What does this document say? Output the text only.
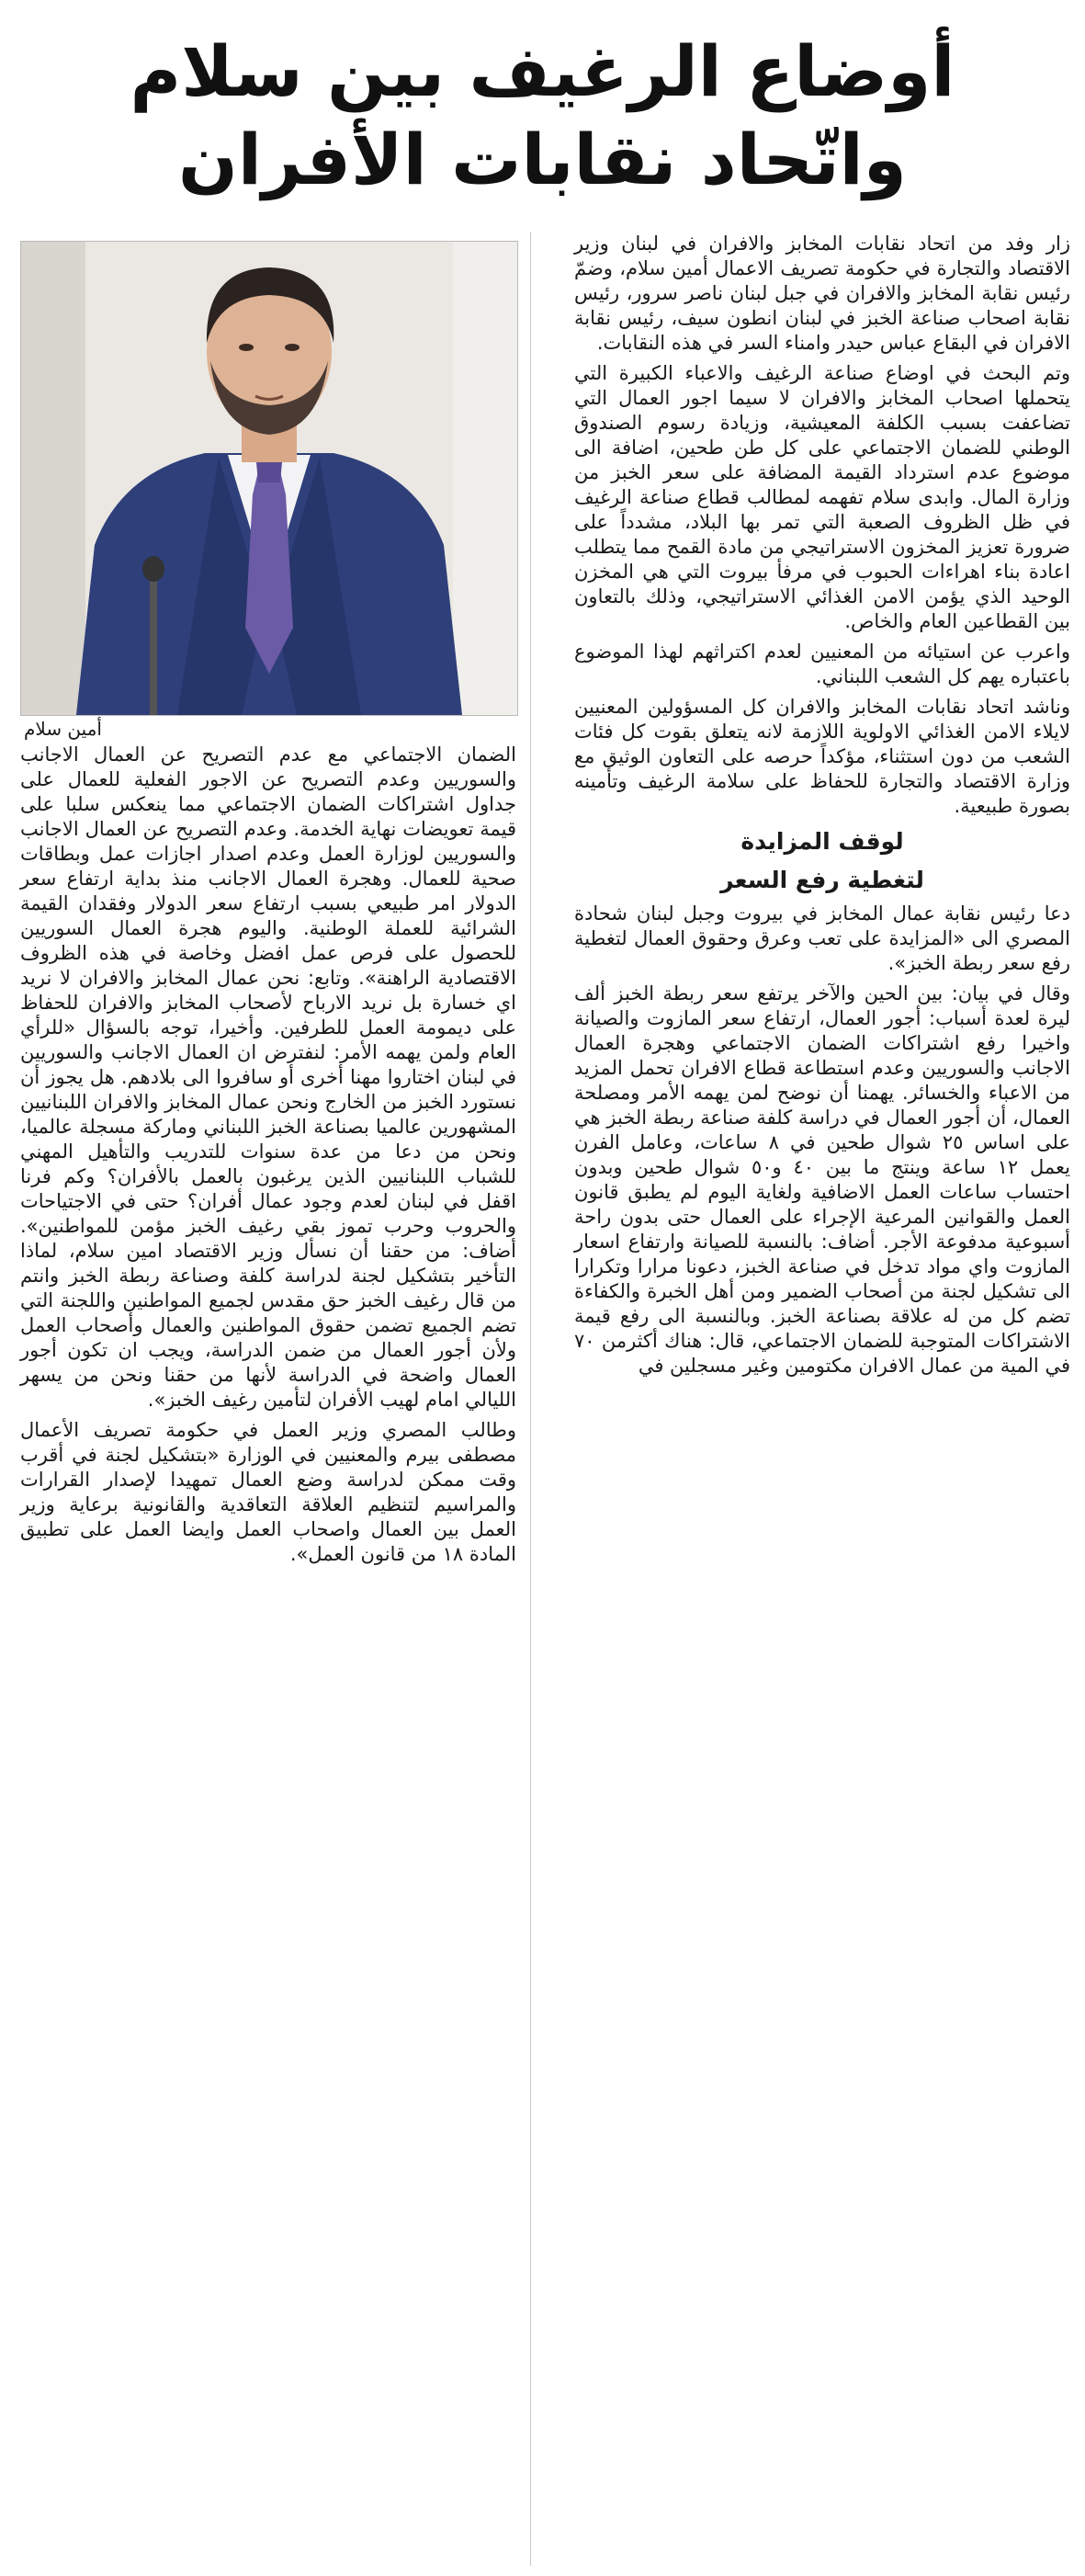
أوضاع الرغيف بين سلام
واتّحاد نقابات الأفران

زار وفد من اتحاد نقابات المخابز والافران في لبنان وزير الاقتصاد والتجارة في حكومة تصريف الاعمال أمين سلام، وضمّ رئيس نقابة المخابز والافران في جبل لبنان ناصر سرور، رئيس نقابة اصحاب صناعة الخبز في لبنان انطون سيف، رئيس نقابة الافران في البقاع عباس حيدر وامناء السر في هذه النقابات.

وتم البحث في اوضاع صناعة الرغيف والاعباء الكبيرة التي يتحملها اصحاب المخابز والافران لا سيما اجور العمال التي تضاعفت بسبب الكلفة المعيشية، وزيادة رسوم الصندوق الوطني للضمان الاجتماعي على كل طن طحين، اضافة الى موضوع عدم استرداد القيمة المضافة على سعر الخبز من وزارة المال. وابدى سلام تفهمه لمطالب قطاع صناعة الرغيف في ظل الظروف الصعبة التي تمر بها البلاد، مشدداً على ضرورة تعزيز المخزون الاستراتيجي من مادة القمح مما يتطلب اعادة بناء اهراءات الحبوب في مرفأ بيروت التي هي المخزن الوحيد الذي يؤمن الامن الغذائي الاستراتيجي، وذلك بالتعاون بين القطاعين العام والخاص.

واعرب عن استيائه من المعنيين لعدم اكتراثهم لهذا الموضوع باعتباره يهم كل الشعب اللبناني.

وناشد اتحاد نقابات المخابز والافران كل المسؤولين المعنيين لايلاء الامن الغذائي الاولوية اللازمة لانه يتعلق بقوت كل فئات الشعب من دون استثناء، مؤكداً حرصه على التعاون الوثيق مع وزارة الاقتصاد والتجارة للحفاظ على سلامة الرغيف وتأمينه بصورة طبيعية.

لوقف المزايدة
لتغطية رفع السعر

دعا رئيس نقابة عمال المخابز في بيروت وجبل لبنان شحادة المصري الى «المزايدة على تعب وعرق وحقوق العمال لتغطية رفع سعر ربطة الخبز».

وقال في بيان: بين الحين والآخر يرتفع سعر ربطة الخبز ألف ليرة لعدة أسباب: أجور العمال، ارتفاع سعر المازوت والصيانة واخيرا رفع اشتراكات الضمان الاجتماعي وهجرة العمال الاجانب والسوريين وعدم استطاعة قطاع الافران تحمل المزيد من الاعباء والخسائر. يهمنا أن نوضح لمن يهمه الأمر ومصلحة العمال، أن أجور العمال في دراسة كلفة صناعة ربطة الخبز هي على اساس ٢٥ شوال طحين في ٨ ساعات، وعامل الفرن يعمل ١٢ ساعة وينتج ما بين ٤٠ و٥٠ شوال طحين وبدون احتساب ساعات العمل الاضافية ولغاية اليوم لم يطبق قانون العمل والقوانين المرعية الإجراء على العمال حتى بدون راحة أسبوعية مدفوعة الأجر. أضاف: بالنسبة للصيانة وارتفاع اسعار المازوت واي مواد تدخل في صناعة الخبز، دعونا مرارا وتكرارا الى تشكيل لجنة من أصحاب الضمير ومن أهل الخبرة والكفاءة تضم كل من له علاقة بصناعة الخبز. وبالنسبة الى رفع قيمة الاشتراكات المتوجبة للضمان الاجتماعي، قال: هناك أكثرمن ٧٠ في المية من عمال الافران مكتومين وغير مسجلين في

أمين سلام

الضمان الاجتماعي مع عدم التصريح عن العمال الاجانب والسوريين وعدم التصريح عن الاجور الفعلية للعمال على جداول اشتراكات الضمان الاجتماعي مما ينعكس سلبا على قيمة تعويضات نهاية الخدمة. وعدم التصريح عن العمال الاجانب والسوريين لوزارة العمل وعدم اصدار اجازات عمل وبطاقات صحية للعمال. وهجرة العمال الاجانب منذ بداية ارتفاع سعر الدولار امر طبيعي بسبب ارتفاع سعر الدولار وفقدان القيمة الشرائية للعملة الوطنية. واليوم هجرة العمال السوريين للحصول على فرص عمل افضل وخاصة في هذه الظروف الاقتصادية الراهنة». وتابع: نحن عمال المخابز والافران لا نريد اي خسارة بل نريد الارباح لأصحاب المخابز والافران للحفاظ على ديمومة العمل للطرفين. وأخيرا، توجه بالسؤال «للرأي العام ولمن يهمه الأمر: لنفترض ان العمال الاجانب والسوريين في لبنان اختاروا مهنا أخرى أو سافروا الى بلادهم. هل يجوز أن نستورد الخبز من الخارج ونحن عمال المخابز والافران اللبنانيين المشهورين عالميا بصناعة الخبز اللبناني وماركة مسجلة عالميا، ونحن من دعا من عدة سنوات للتدريب والتأهيل المهني للشباب اللبنانيين الذين يرغبون بالعمل بالأفران؟ وكم فرنا اقفل في لبنان لعدم وجود عمال أفران؟ حتى في الاجتياحات والحروب وحرب تموز بقي رغيف الخبز مؤمن للمواطنين». أضاف: من حقنا أن نسأل وزير الاقتصاد امين سلام، لماذا التأخير بتشكيل لجنة لدراسة كلفة وصناعة ربطة الخبز وانتم من قال رغيف الخبز حق مقدس لجميع المواطنين واللجنة التي تضم الجميع تضمن حقوق المواطنين والعمال وأصحاب العمل ولأن أجور العمال من ضمن الدراسة، ويجب ان تكون أجور العمال واضحة في الدراسة لأنها من حقنا ونحن من يسهر الليالي امام لهيب الأفران لتأمين رغيف الخبز».

وطالب المصري وزير العمل في حكومة تصريف الأعمال مصطفى بيرم والمعنيين في الوزارة «بتشكيل لجنة في أقرب وقت ممكن لدراسة وضع العمال تمهيدا لإصدار القرارات والمراسيم لتنظيم العلاقة التعاقدية والقانونية برعاية وزير العمل بين العمال واصحاب العمل وايضا العمل على تطبيق المادة ١٨ من قانون العمل».
